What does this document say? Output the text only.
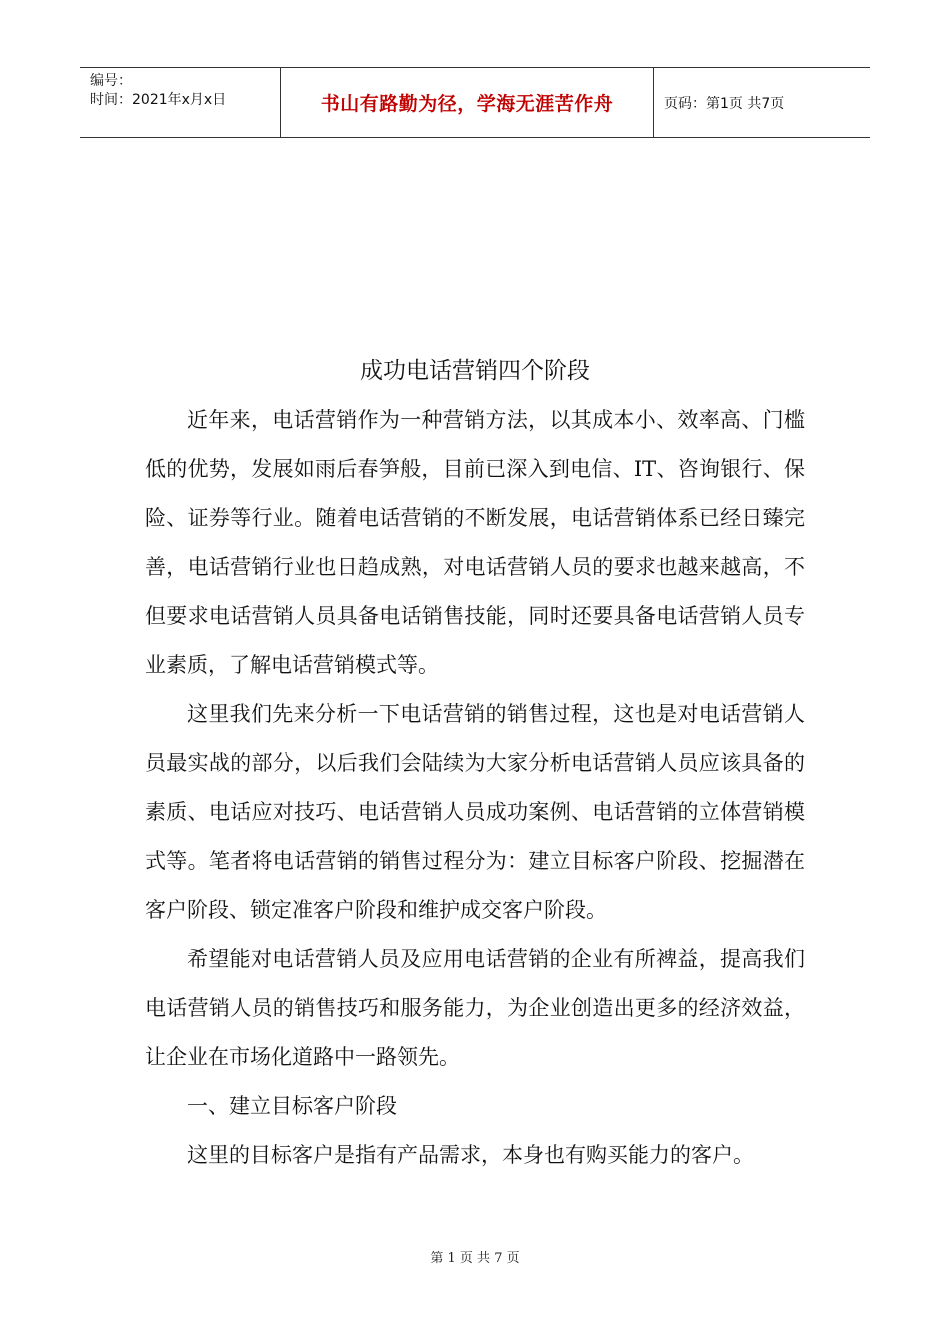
编号：
时间：2021年x月x日	书山有路勤为径，学海无涯苦作舟	页码：第1页 共7页
成功电话营销四个阶段

近年来，电话营销作为一种营销方法，以其成本小、效率高、门槛低的优势，发展如雨后春笋般，目前已深入到电信、IT、咨询银行、保险、证券等行业。随着电话营销的不断发展，电话营销体系已经日臻完善，电话营销行业也日趋成熟，对电话营销人员的要求也越来越高，不但要求电话营销人员具备电话销售技能，同时还要具备电话营销人员专业素质，了解电话营销模式等。

这里我们先来分析一下电话营销的销售过程，这也是对电话营销人员最实战的部分，以后我们会陆续为大家分析电话营销人员应该具备的素质、电话应对技巧、电话营销人员成功案例、电话营销的立体营销模式等。笔者将电话营销的销售过程分为：建立目标客户阶段、挖掘潜在客户阶段、锁定准客户阶段和维护成交客户阶段。

希望能对电话营销人员及应用电话营销的企业有所裨益，提高我们电话营销人员的销售技巧和服务能力，为企业创造出更多的经济效益，让企业在市场化道路中一路领先。

一、建立目标客户阶段

这里的目标客户是指有产品需求，本身也有购买能力的客户。

第 1 页 共 7 页
